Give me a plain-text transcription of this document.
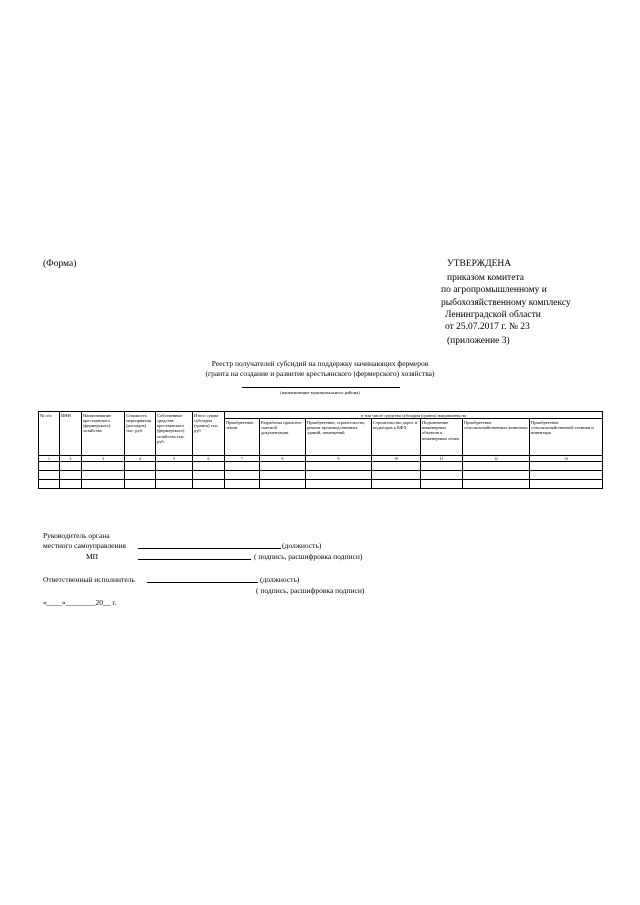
(Форма)	УТВЕРЖДЕНА
приказом комитета
по агропромышленному и
рыбохозяйственному комплексу
Ленинградской области
от 25.07.2017 г. № 23
(приложение 3)
Реестр получателей субсидий на поддержку начинающих фермеров
(гранта на создание и развитие крестьянского (фермерского) хозяйства)
(наименование муниципального района)
№ п/п	ИНН	Наименование крестьянского (фермерского) хозяйства	Стоимость мероприятия (расходов) тыс. руб.	Собственные средства крестьянского (фермерского) хозяйства тыс. руб.	Итого сумма субсидии (гранта) тыс. руб	в том числе средства субсидии (гранта) направлены на						
						Приобретение земли	Разработка проектно-сметной документации	Приобретение, строительство, ремонт производственных зданий, помещений	Строительство дорог и подъездов к КФХ	Подключение инженерных объектов к инженерным сетям	Приобретение сельскохозяйственных животных	Приобретение сельскохозяйственной техники и инвентаря
1	2	3	4	5	6	7	8	9	10	11	12	13

Руководитель органа
местного самоуправления	(должность)
МП	( подпись, расшифровка подписи)
Ответственный исполнитель	(должность)
( подпись, расшифровка подписи)
«____»________20__ г.
